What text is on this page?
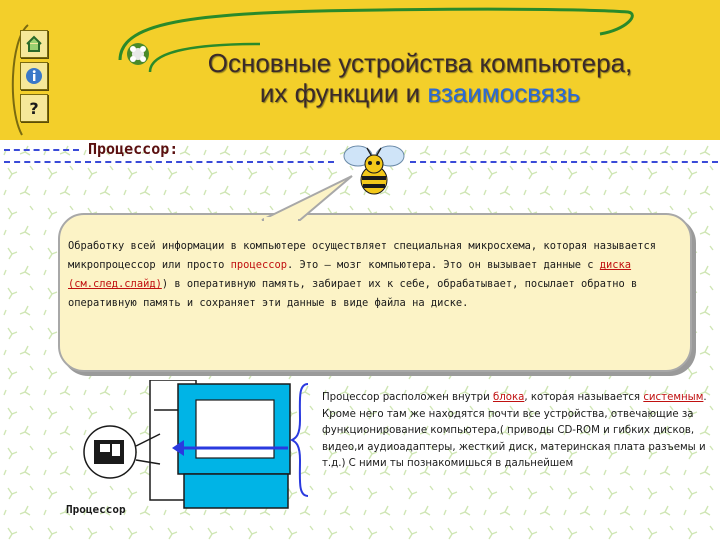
?
Основные устройства компьютера,
их функции и взаимосвязь
Процессор:

Обработку всей информации в компьютере осуществляет специальная микросхема, которая называется микропроцессор или просто процессор. Это – мозг компьютера. Это он вызывает данные с диска (см.след.слайд)) в оперативную память, забирает их к себе, обрабатывает, посылает обратно в оперативную память и сохраняет эти данные в виде файла на диске.

Процессор расположен внутри блока, которая называется системным. Кроме него там же находятся почти все устройства, отвечающие за функционирование компьютера,( приводы CD-ROM и гибких дисков, видео,и аудиоадаптеры, жесткий диск, материнская плата разъемы и т.д.) С ними ты познакомишься в дальнейшем
Процессор
